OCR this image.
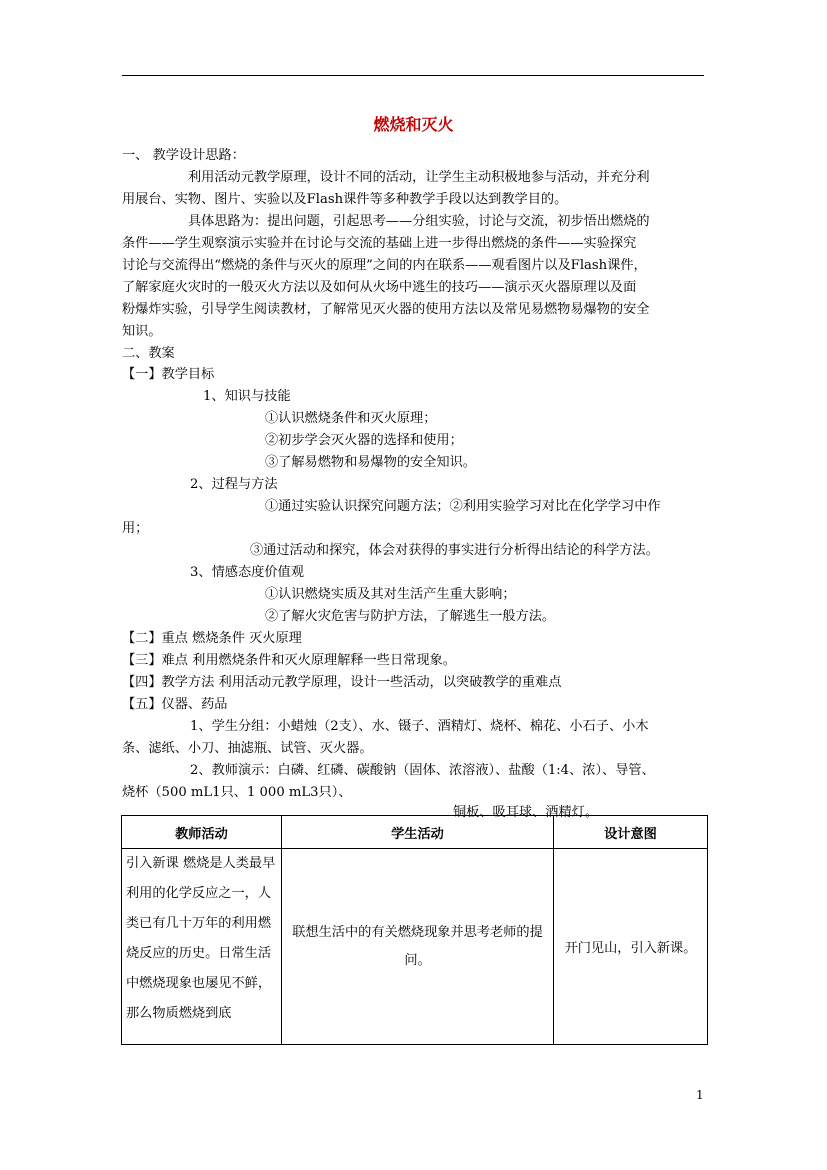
燃烧和灭火
一、 教学设计思路：
利用活动元教学原理，设计不同的活动，让学生主动积极地参与活动，并充分利
用展台、实物、图片、实验以及Flash课件等多种教学手段以达到教学目的。
具体思路为：提出问题，引起思考——分组实验，讨论与交流，初步悟出燃烧的
条件——学生观察演示实验并在讨论与交流的基础上进一步得出燃烧的条件——实验探究
讨论与交流得出“燃烧的条件与灭火的原理”之间的内在联系——观看图片以及Flash课件，
了解家庭火灾时的一般灭火方法以及如何从火场中逃生的技巧——演示灭火器原理以及面
粉爆炸实验，引导学生阅读教材，了解常见灭火器的使用方法以及常见易燃物易爆物的安全
知识。
二、教案
【一】教学目标
1、知识与技能
①认识燃烧条件和灭火原理；
②初步学会灭火器的选择和使用；
③了解易燃物和易爆物的安全知识。
2、过程与方法
①通过实验认识探究问题方法；②利用实验学习对比在化学学习中作
用；
③通过活动和探究，体会对获得的事实进行分析得出结论的科学方法。
3、情感态度价值观
①认识燃烧实质及其对生活产生重大影响；
②了解火灾危害与防护方法，了解逃生一般方法。
【二】重点 燃烧条件 灭火原理
【三】难点 利用燃烧条件和灭火原理解释一些日常现象。
【四】教学方法 利用活动元教学原理，设计一些活动，以突破教学的重难点
【五】仪器、药品
1、学生分组：小蜡烛（2支）、水、镊子、酒精灯、烧杯、棉花、小石子、小木
条、滤纸、小刀、抽滤瓶、试管、灭火器。
2、教师演示：白磷、红磷、碳酸钠（固体、浓溶液）、盐酸（1:4、浓）、导管、
烧杯（500 mL1只、1 000 mL3只）、
铜板、吸耳球、酒精灯。
教师活动	学生活动	设计意图
引入新课 燃烧是人类最早利用的化学反应之一，人类已有几十万年的利用燃烧反应的历史。日常生活中燃烧现象也屡见不鲜，那么物质燃烧到底	联想生活中的有关燃烧现象并思考老师的提问。	开门见山，引入新课。
1
